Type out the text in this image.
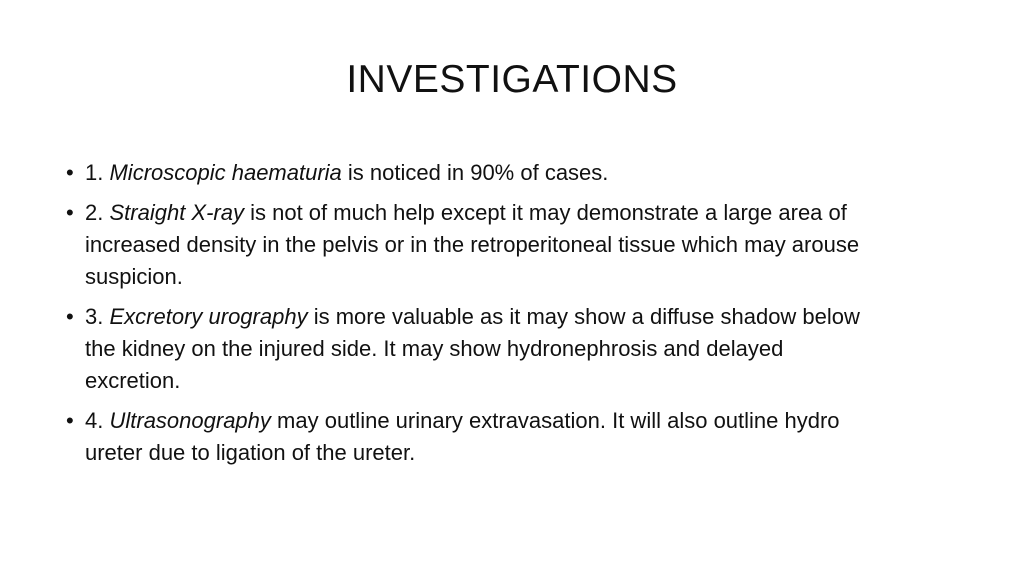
INVESTIGATIONS
• 1. Microscopic haematuria is noticed in 90% of cases.
• 2. Straight X-ray is not of much help except it may demonstrate a large area of increased density in the pelvis or in the retroperitoneal tissue which may arouse suspicion.
• 3. Excretory urography is more valuable as it may show a diffuse shadow below the kidney on the injured side. It may show hydronephrosis and delayed excretion.
• 4. Ultrasonography may outline urinary extravasation. It will also outline hydro ureter due to ligation of the ureter.
